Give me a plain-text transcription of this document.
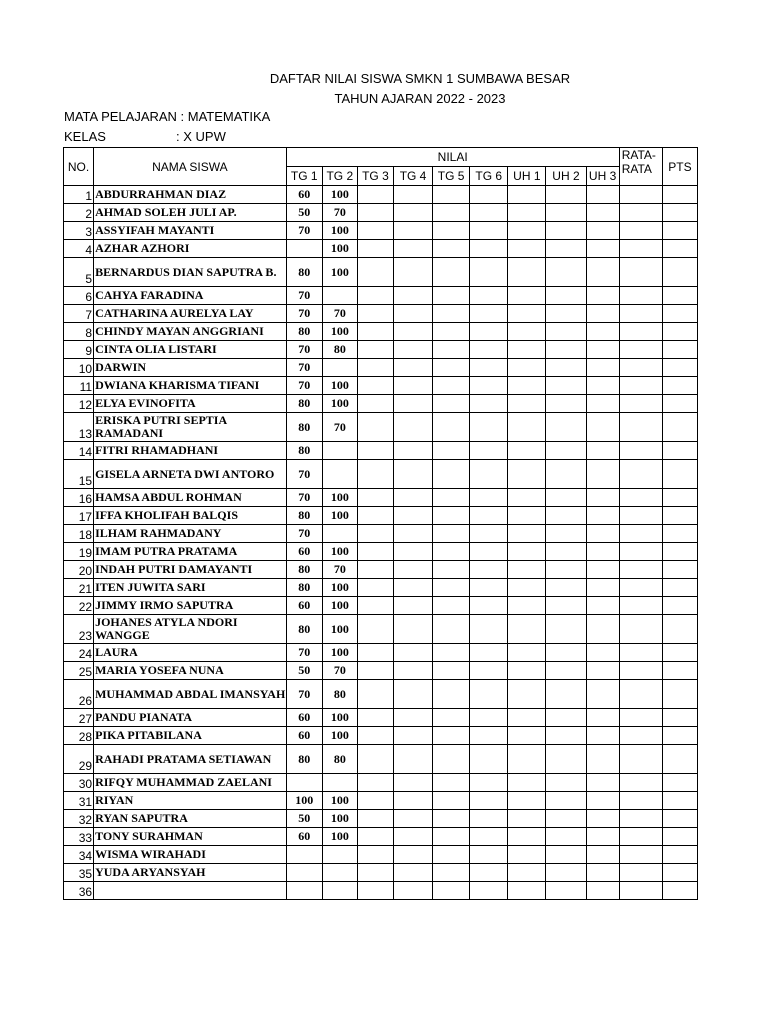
DAFTAR NILAI SISWA SMKN 1 SUMBAWA BESAR
TAHUN AJARAN 2022 - 2023
MATA PELAJARAN : MATEMATIKA
KELAS	: X UPW
NO.	NAMA SISWA	NILAI									RATA-RATA	PTS
		TG 1	TG 2	TG 3	TG 4	TG 5	TG 6	UH 1	UH 2	UH 3		
1	ABDURRAHMAN DIAZ	60	100									
2	AHMAD SOLEH JULI AP.	50	70									
3	ASSYIFAH MAYANTI	70	100									
4	AZHAR AZHORI		100									
5	BERNARDUS DIAN SAPUTRA B.	80	100									
6	CAHYA FARADINA	70										
7	CATHARINA AURELYA LAY	70	70									
8	CHINDY MAYAN ANGGRIANI	80	100									
9	CINTA OLIA LISTARI	70	80									
10	DARWIN	70										
11	DWIANA KHARISMA TIFANI	70	100									
12	ELYA EVINOFITA	80	100									
13	ERISKA PUTRI SEPTIA RAMADANI	80	70									
14	FITRI RHAMADHANI	80										
15	GISELA ARNETA DWI ANTORO	70										
16	HAMSA ABDUL ROHMAN	70	100									
17	IFFA KHOLIFAH BALQIS	80	100									
18	ILHAM RAHMADANY	70										
19	IMAM PUTRA PRATAMA	60	100									
20	INDAH PUTRI DAMAYANTI	80	70									
21	ITEN JUWITA SARI	80	100									
22	JIMMY IRMO SAPUTRA	60	100									
23	JOHANES ATYLA NDORI WANGGE	80	100									
24	LAURA	70	100									
25	MARIA YOSEFA NUNA	50	70									
26	MUHAMMAD ABDAL IMANSYAH	70	80									
27	PANDU PIANATA	60	100									
28	PIKA PITABILANA	60	100									
29	RAHADI PRATAMA SETIAWAN	80	80									
30	RIFQY MUHAMMAD ZAELANI											
31	RIYAN	100	100									
32	RYAN SAPUTRA	50	100									
33	TONY SURAHMAN	60	100									
34	WISMA WIRAHADI											
35	YUDA ARYANSYAH											
36												
